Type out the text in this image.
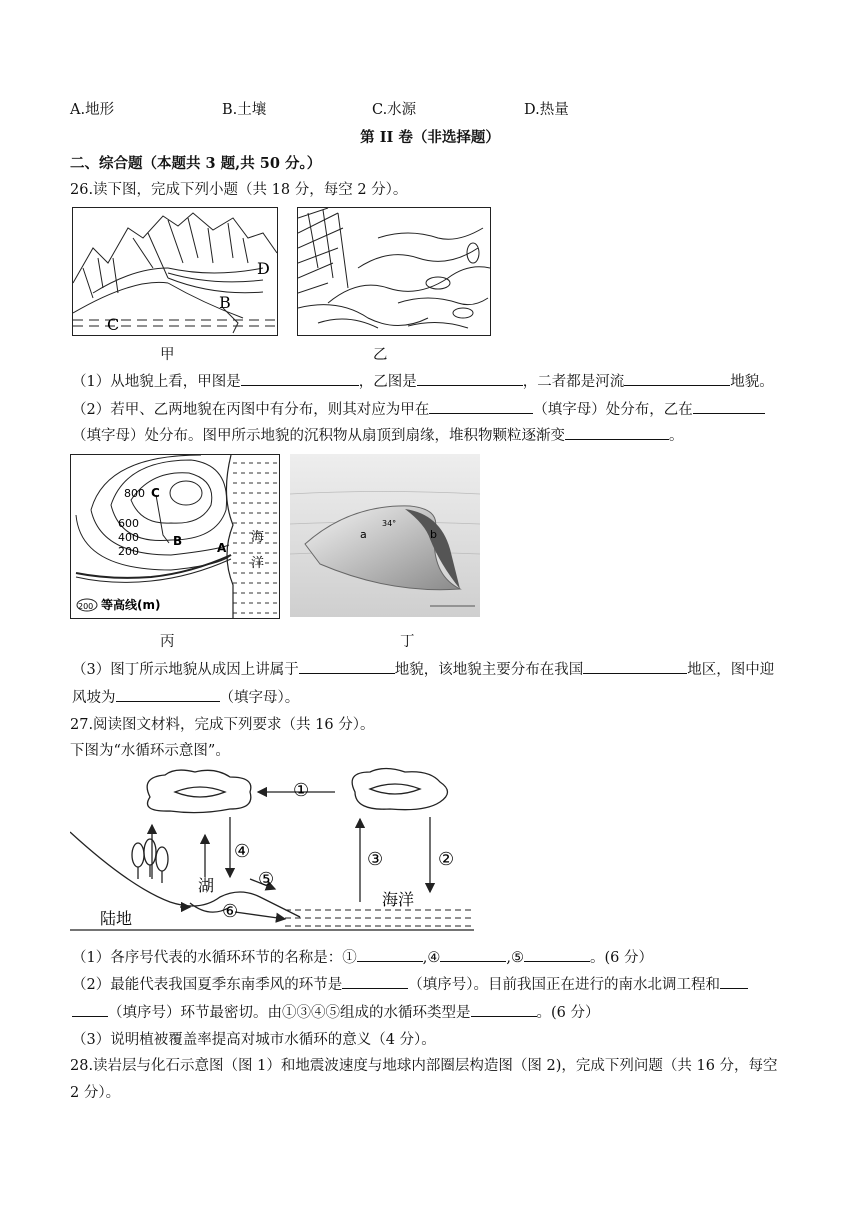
A.地形	B.土壤	C.水源	D.热量
第 II 卷（非选择题）
二、综合题（本题共 3 题,共 50 分。）
26.读下图，完成下列小题（共 18 分，每空 2 分）。
D
B
C
甲	乙
（1）从地貌上看，甲图是	，乙图是	，二者都是河流	地貌。
（2）若甲、乙两地貌在丙图中有分布，则其对应为甲在	（填字母）处分布，乙在
（填字母）处分布。图甲所示地貌的沉积物从扇顶到扇缘，堆积物颗粒逐渐变	。
800
600
400
200
C
B	A
海
洋
200 等高线(m)
34°
a	b
丙	丁
（3）图丁所示地貌从成因上讲属于	地貌，该地貌主要分布在我国	地区，图中迎
风坡为	（填字母）。
27.阅读图文材料，完成下列要求（共 16 分）。
下图为“水循环示意图”。
①
②
③
④
⑤
⑥
湖
陆地
海洋
（1）各序号代表的水循环环节的名称是：①	,④	,⑤	。(6 分）
（2）最能代表我国夏季东南季风的环节是	（填序号）。目前我国正在进行的南水北调工程和
（填序号）环节最密切。由①③④⑤组成的水循环类型是	。(6 分）
（3）说明植被覆盖率提高对城市水循环的意义（4 分）。
28.读岩层与化石示意图（图 1）和地震波速度与地球内部圈层构造图（图 2)，完成下列问题（共 16 分，每空
2 分）。
